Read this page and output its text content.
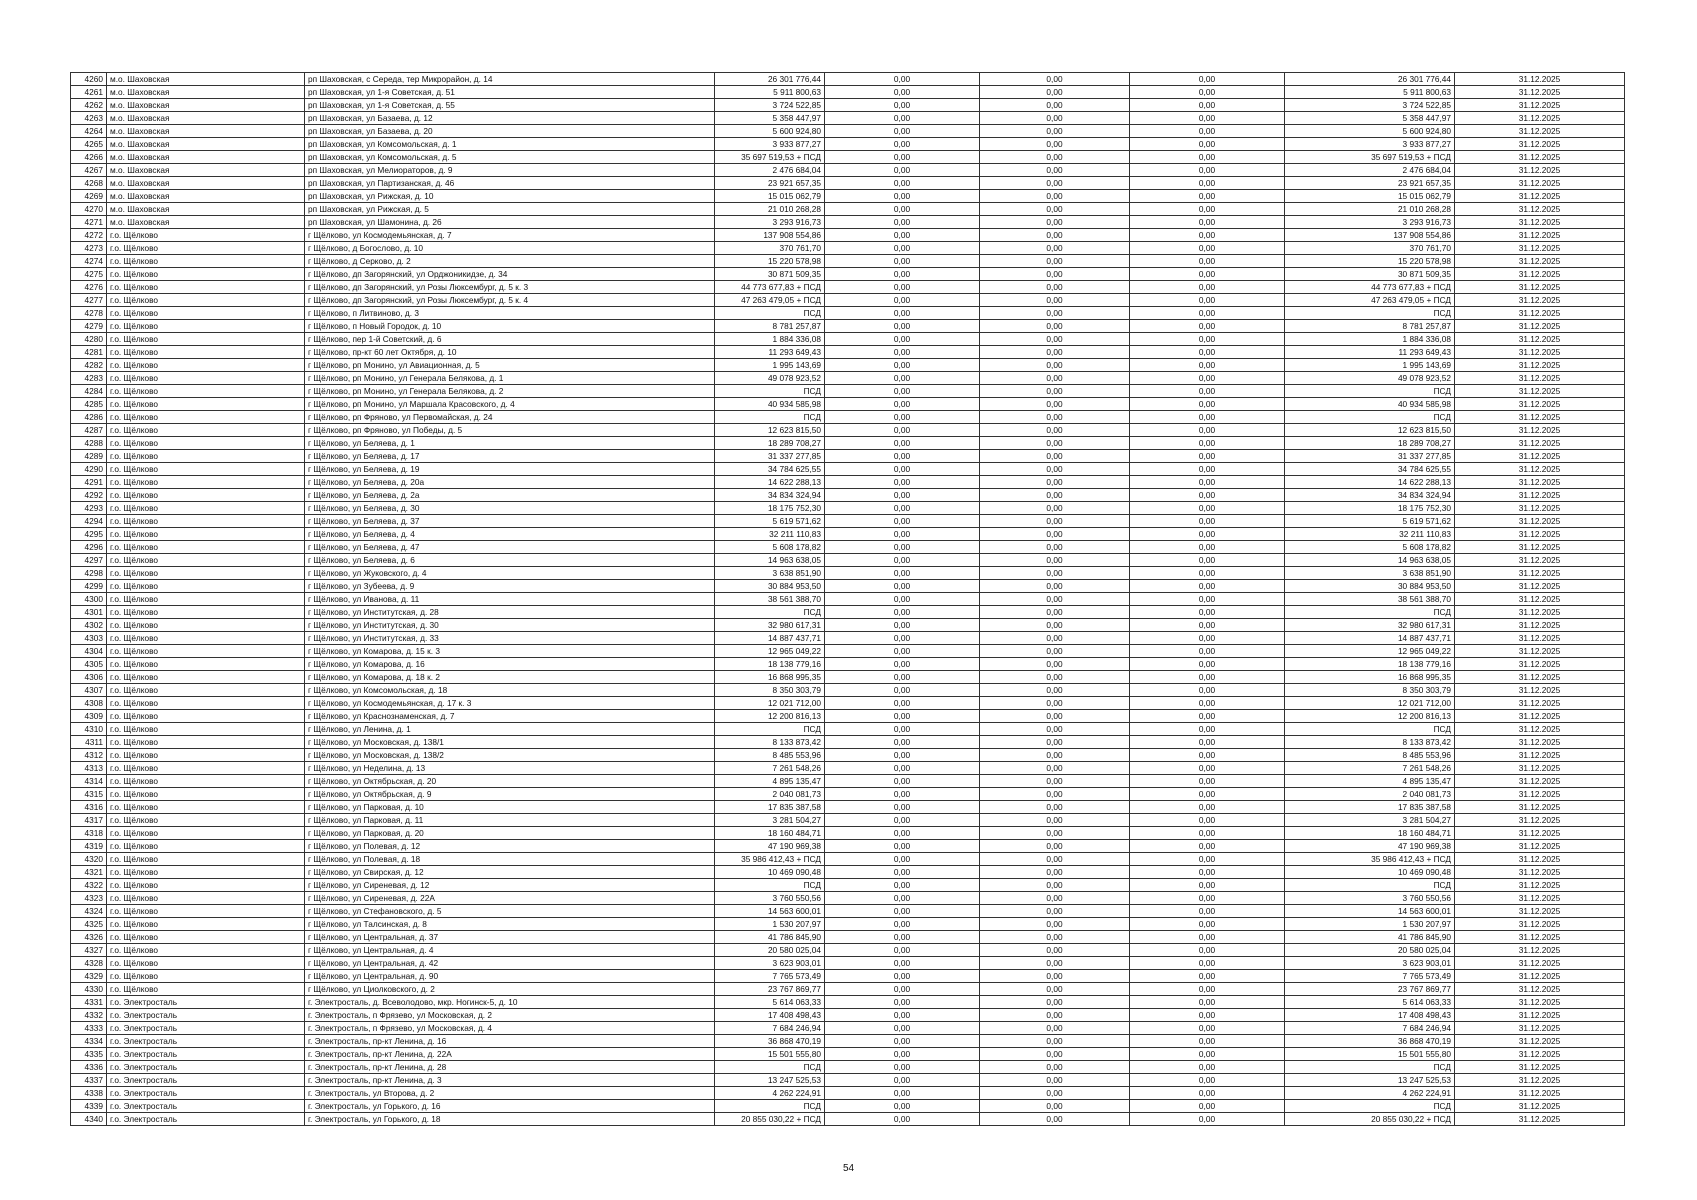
4260	м.о. Шаховская	рп Шаховская, с Середа, тер Микрорайон, д. 14	26 301 776,44	0,00	0,00	0,00	26 301 776,44	31.12.2025
4261	м.о. Шаховская	рп Шаховская, ул 1-я Советская, д. 51	5 911 800,63	0,00	0,00	0,00	5 911 800,63	31.12.2025
4262	м.о. Шаховская	рп Шаховская, ул 1-я Советская, д. 55	3 724 522,85	0,00	0,00	0,00	3 724 522,85	31.12.2025
4263	м.о. Шаховская	рп Шаховская, ул Базаева, д. 12	5 358 447,97	0,00	0,00	0,00	5 358 447,97	31.12.2025
4264	м.о. Шаховская	рп Шаховская, ул Базаева, д. 20	5 600 924,80	0,00	0,00	0,00	5 600 924,80	31.12.2025
4265	м.о. Шаховская	рп Шаховская, ул Комсомольская, д. 1	3 933 877,27	0,00	0,00	0,00	3 933 877,27	31.12.2025
4266	м.о. Шаховская	рп Шаховская, ул Комсомольская, д. 5	35 697 519,53 + ПСД	0,00	0,00	0,00	35 697 519,53 + ПСД	31.12.2025
4267	м.о. Шаховская	рп Шаховская, ул Мелиораторов, д. 9	2 476 684,04	0,00	0,00	0,00	2 476 684,04	31.12.2025
4268	м.о. Шаховская	рп Шаховская, ул Партизанская, д. 46	23 921 657,35	0,00	0,00	0,00	23 921 657,35	31.12.2025
4269	м.о. Шаховская	рп Шаховская, ул Рижская, д. 10	15 015 062,79	0,00	0,00	0,00	15 015 062,79	31.12.2025
4270	м.о. Шаховская	рп Шаховская, ул Рижская, д. 5	21 010 268,28	0,00	0,00	0,00	21 010 268,28	31.12.2025
4271	м.о. Шаховская	рп Шаховская, ул Шамонина, д. 26	3 293 916,73	0,00	0,00	0,00	3 293 916,73	31.12.2025
4272	г.о. Щёлково	г Щёлково, ул Космодемьянская, д. 7	137 908 554,86	0,00	0,00	0,00	137 908 554,86	31.12.2025
4273	г.о. Щёлково	г Щёлково, д Богослово, д. 10	370 761,70	0,00	0,00	0,00	370 761,70	31.12.2025
4274	г.о. Щёлково	г Щёлково, д Серково, д. 2	15 220 578,98	0,00	0,00	0,00	15 220 578,98	31.12.2025
4275	г.о. Щёлково	г Щёлково, дп Загорянский, ул Орджоникидзе, д. 34	30 871 509,35	0,00	0,00	0,00	30 871 509,35	31.12.2025
4276	г.о. Щёлково	г Щёлково, дп Загорянский, ул Розы Люксембург, д. 5 к. 3	44 773 677,83 + ПСД	0,00	0,00	0,00	44 773 677,83 + ПСД	31.12.2025
4277	г.о. Щёлково	г Щёлково, дп Загорянский, ул Розы Люксембург, д. 5 к. 4	47 263 479,05 + ПСД	0,00	0,00	0,00	47 263 479,05 + ПСД	31.12.2025
4278	г.о. Щёлково	г Щёлково, п Литвиново, д. 3	ПСД	0,00	0,00	0,00	ПСД	31.12.2025
4279	г.о. Щёлково	г Щёлково, п Новый Городок, д. 10	8 781 257,87	0,00	0,00	0,00	8 781 257,87	31.12.2025
4280	г.о. Щёлково	г Щёлково, пер 1-й Советский, д. 6	1 884 336,08	0,00	0,00	0,00	1 884 336,08	31.12.2025
4281	г.о. Щёлково	г Щёлково, пр-кт 60 лет Октября, д. 10	11 293 649,43	0,00	0,00	0,00	11 293 649,43	31.12.2025
4282	г.о. Щёлково	г Щёлково, рп Монино, ул Авиационная, д. 5	1 995 143,69	0,00	0,00	0,00	1 995 143,69	31.12.2025
4283	г.о. Щёлково	г Щёлково, рп Монино, ул Генерала Белякова, д. 1	49 078 923,52	0,00	0,00	0,00	49 078 923,52	31.12.2025
4284	г.о. Щёлково	г Щёлково, рп Монино, ул Генерала Белякова, д. 2	ПСД	0,00	0,00	0,00	ПСД	31.12.2025
4285	г.о. Щёлково	г Щёлково, рп Монино, ул Маршала Красовского, д. 4	40 934 585,98	0,00	0,00	0,00	40 934 585,98	31.12.2025
4286	г.о. Щёлково	г Щёлково, рп Фряново, ул Первомайская, д. 24	ПСД	0,00	0,00	0,00	ПСД	31.12.2025
4287	г.о. Щёлково	г Щёлково, рп Фряново, ул Победы, д. 5	12 623 815,50	0,00	0,00	0,00	12 623 815,50	31.12.2025
4288	г.о. Щёлково	г Щёлково, ул Беляева, д. 1	18 289 708,27	0,00	0,00	0,00	18 289 708,27	31.12.2025
4289	г.о. Щёлково	г Щёлково, ул Беляева, д. 17	31 337 277,85	0,00	0,00	0,00	31 337 277,85	31.12.2025
4290	г.о. Щёлково	г Щёлково, ул Беляева, д. 19	34 784 625,55	0,00	0,00	0,00	34 784 625,55	31.12.2025
4291	г.о. Щёлково	г Щёлково, ул Беляева, д. 20а	14 622 288,13	0,00	0,00	0,00	14 622 288,13	31.12.2025
4292	г.о. Щёлково	г Щёлково, ул Беляева, д. 2а	34 834 324,94	0,00	0,00	0,00	34 834 324,94	31.12.2025
4293	г.о. Щёлково	г Щёлково, ул Беляева, д. 30	18 175 752,30	0,00	0,00	0,00	18 175 752,30	31.12.2025
4294	г.о. Щёлково	г Щёлково, ул Беляева, д. 37	5 619 571,62	0,00	0,00	0,00	5 619 571,62	31.12.2025
4295	г.о. Щёлково	г Щёлково, ул Беляева, д. 4	32 211 110,83	0,00	0,00	0,00	32 211 110,83	31.12.2025
4296	г.о. Щёлково	г Щёлково, ул Беляева, д. 47	5 608 178,82	0,00	0,00	0,00	5 608 178,82	31.12.2025
4297	г.о. Щёлково	г Щёлково, ул Беляева, д. 6	14 963 638,05	0,00	0,00	0,00	14 963 638,05	31.12.2025
4298	г.о. Щёлково	г Щёлково, ул Жуковского, д. 4	3 638 851,90	0,00	0,00	0,00	3 638 851,90	31.12.2025
4299	г.о. Щёлково	г Щёлково, ул Зубеева, д. 9	30 884 953,50	0,00	0,00	0,00	30 884 953,50	31.12.2025
4300	г.о. Щёлково	г Щёлково, ул Иванова, д. 11	38 561 388,70	0,00	0,00	0,00	38 561 388,70	31.12.2025
4301	г.о. Щёлково	г Щёлково, ул Институтская, д. 28	ПСД	0,00	0,00	0,00	ПСД	31.12.2025
4302	г.о. Щёлково	г Щёлково, ул Институтская, д. 30	32 980 617,31	0,00	0,00	0,00	32 980 617,31	31.12.2025
4303	г.о. Щёлково	г Щёлково, ул Институтская, д. 33	14 887 437,71	0,00	0,00	0,00	14 887 437,71	31.12.2025
4304	г.о. Щёлково	г Щёлково, ул Комарова, д. 15 к. 3	12 965 049,22	0,00	0,00	0,00	12 965 049,22	31.12.2025
4305	г.о. Щёлково	г Щёлково, ул Комарова, д. 16	18 138 779,16	0,00	0,00	0,00	18 138 779,16	31.12.2025
4306	г.о. Щёлково	г Щёлково, ул Комарова, д. 18 к. 2	16 868 995,35	0,00	0,00	0,00	16 868 995,35	31.12.2025
4307	г.о. Щёлково	г Щёлково, ул Комсомольская, д. 18	8 350 303,79	0,00	0,00	0,00	8 350 303,79	31.12.2025
4308	г.о. Щёлково	г Щёлково, ул Космодемьянская, д. 17 к. 3	12 021 712,00	0,00	0,00	0,00	12 021 712,00	31.12.2025
4309	г.о. Щёлково	г Щёлково, ул Краснознаменская, д. 7	12 200 816,13	0,00	0,00	0,00	12 200 816,13	31.12.2025
4310	г.о. Щёлково	г Щёлково, ул Ленина, д. 1	ПСД	0,00	0,00	0,00	ПСД	31.12.2025
4311	г.о. Щёлково	г Щёлково, ул Московская, д. 138/1	8 133 873,42	0,00	0,00	0,00	8 133 873,42	31.12.2025
4312	г.о. Щёлково	г Щёлково, ул Московская, д. 138/2	8 485 553,96	0,00	0,00	0,00	8 485 553,96	31.12.2025
4313	г.о. Щёлково	г Щёлково, ул Неделина, д. 13	7 261 548,26	0,00	0,00	0,00	7 261 548,26	31.12.2025
4314	г.о. Щёлково	г Щёлково, ул Октябрьская, д. 20	4 895 135,47	0,00	0,00	0,00	4 895 135,47	31.12.2025
4315	г.о. Щёлково	г Щёлково, ул Октябрьская, д. 9	2 040 081,73	0,00	0,00	0,00	2 040 081,73	31.12.2025
4316	г.о. Щёлково	г Щёлково, ул Парковая, д. 10	17 835 387,58	0,00	0,00	0,00	17 835 387,58	31.12.2025
4317	г.о. Щёлково	г Щёлково, ул Парковая, д. 11	3 281 504,27	0,00	0,00	0,00	3 281 504,27	31.12.2025
4318	г.о. Щёлково	г Щёлково, ул Парковая, д. 20	18 160 484,71	0,00	0,00	0,00	18 160 484,71	31.12.2025
4319	г.о. Щёлково	г Щёлково, ул Полевая, д. 12	47 190 969,38	0,00	0,00	0,00	47 190 969,38	31.12.2025
4320	г.о. Щёлково	г Щёлково, ул Полевая, д. 18	35 986 412,43 + ПСД	0,00	0,00	0,00	35 986 412,43 + ПСД	31.12.2025
4321	г.о. Щёлково	г Щёлково, ул Свирская, д. 12	10 469 090,48	0,00	0,00	0,00	10 469 090,48	31.12.2025
4322	г.о. Щёлково	г Щёлково, ул Сиреневая, д. 12	ПСД	0,00	0,00	0,00	ПСД	31.12.2025
4323	г.о. Щёлково	г Щёлково, ул Сиреневая, д. 22А	3 760 550,56	0,00	0,00	0,00	3 760 550,56	31.12.2025
4324	г.о. Щёлково	г Щёлково, ул Стефановского, д. 5	14 563 600,01	0,00	0,00	0,00	14 563 600,01	31.12.2025
4325	г.о. Щёлково	г Щёлково, ул Талсинская, д. 8	1 530 207,97	0,00	0,00	0,00	1 530 207,97	31.12.2025
4326	г.о. Щёлково	г Щёлково, ул Центральная, д. 37	41 786 845,90	0,00	0,00	0,00	41 786 845,90	31.12.2025
4327	г.о. Щёлково	г Щёлково, ул Центральная, д. 4	20 580 025,04	0,00	0,00	0,00	20 580 025,04	31.12.2025
4328	г.о. Щёлково	г Щёлково, ул Центральная, д. 42	3 623 903,01	0,00	0,00	0,00	3 623 903,01	31.12.2025
4329	г.о. Щёлково	г Щёлково, ул Центральная, д. 90	7 765 573,49	0,00	0,00	0,00	7 765 573,49	31.12.2025
4330	г.о. Щёлково	г Щёлково, ул Циолковского, д. 2	23 767 869,77	0,00	0,00	0,00	23 767 869,77	31.12.2025
4331	г.о. Электросталь	г. Электросталь, д. Всеволодово, мкр. Ногинск-5, д. 10	5 614 063,33	0,00	0,00	0,00	5 614 063,33	31.12.2025
4332	г.о. Электросталь	г. Электросталь, п Фрязево, ул Московская, д. 2	17 408 498,43	0,00	0,00	0,00	17 408 498,43	31.12.2025
4333	г.о. Электросталь	г. Электросталь, п Фрязево, ул Московская, д. 4	7 684 246,94	0,00	0,00	0,00	7 684 246,94	31.12.2025
4334	г.о. Электросталь	г. Электросталь, пр-кт Ленина, д. 16	36 868 470,19	0,00	0,00	0,00	36 868 470,19	31.12.2025
4335	г.о. Электросталь	г. Электросталь, пр-кт Ленина, д. 22А	15 501 555,80	0,00	0,00	0,00	15 501 555,80	31.12.2025
4336	г.о. Электросталь	г. Электросталь, пр-кт Ленина, д. 28	ПСД	0,00	0,00	0,00	ПСД	31.12.2025
4337	г.о. Электросталь	г. Электросталь, пр-кт Ленина, д. 3	13 247 525,53	0,00	0,00	0,00	13 247 525,53	31.12.2025
4338	г.о. Электросталь	г. Электросталь, ул Второва, д. 2	4 262 224,91	0,00	0,00	0,00	4 262 224,91	31.12.2025
4339	г.о. Электросталь	г. Электросталь, ул Горького, д. 16	ПСД	0,00	0,00	0,00	ПСД	31.12.2025
4340	г.о. Электросталь	г. Электросталь, ул Горького, д. 18	20 855 030,22 + ПСД	0,00	0,00	0,00	20 855 030,22 + ПСД	31.12.2025
54
